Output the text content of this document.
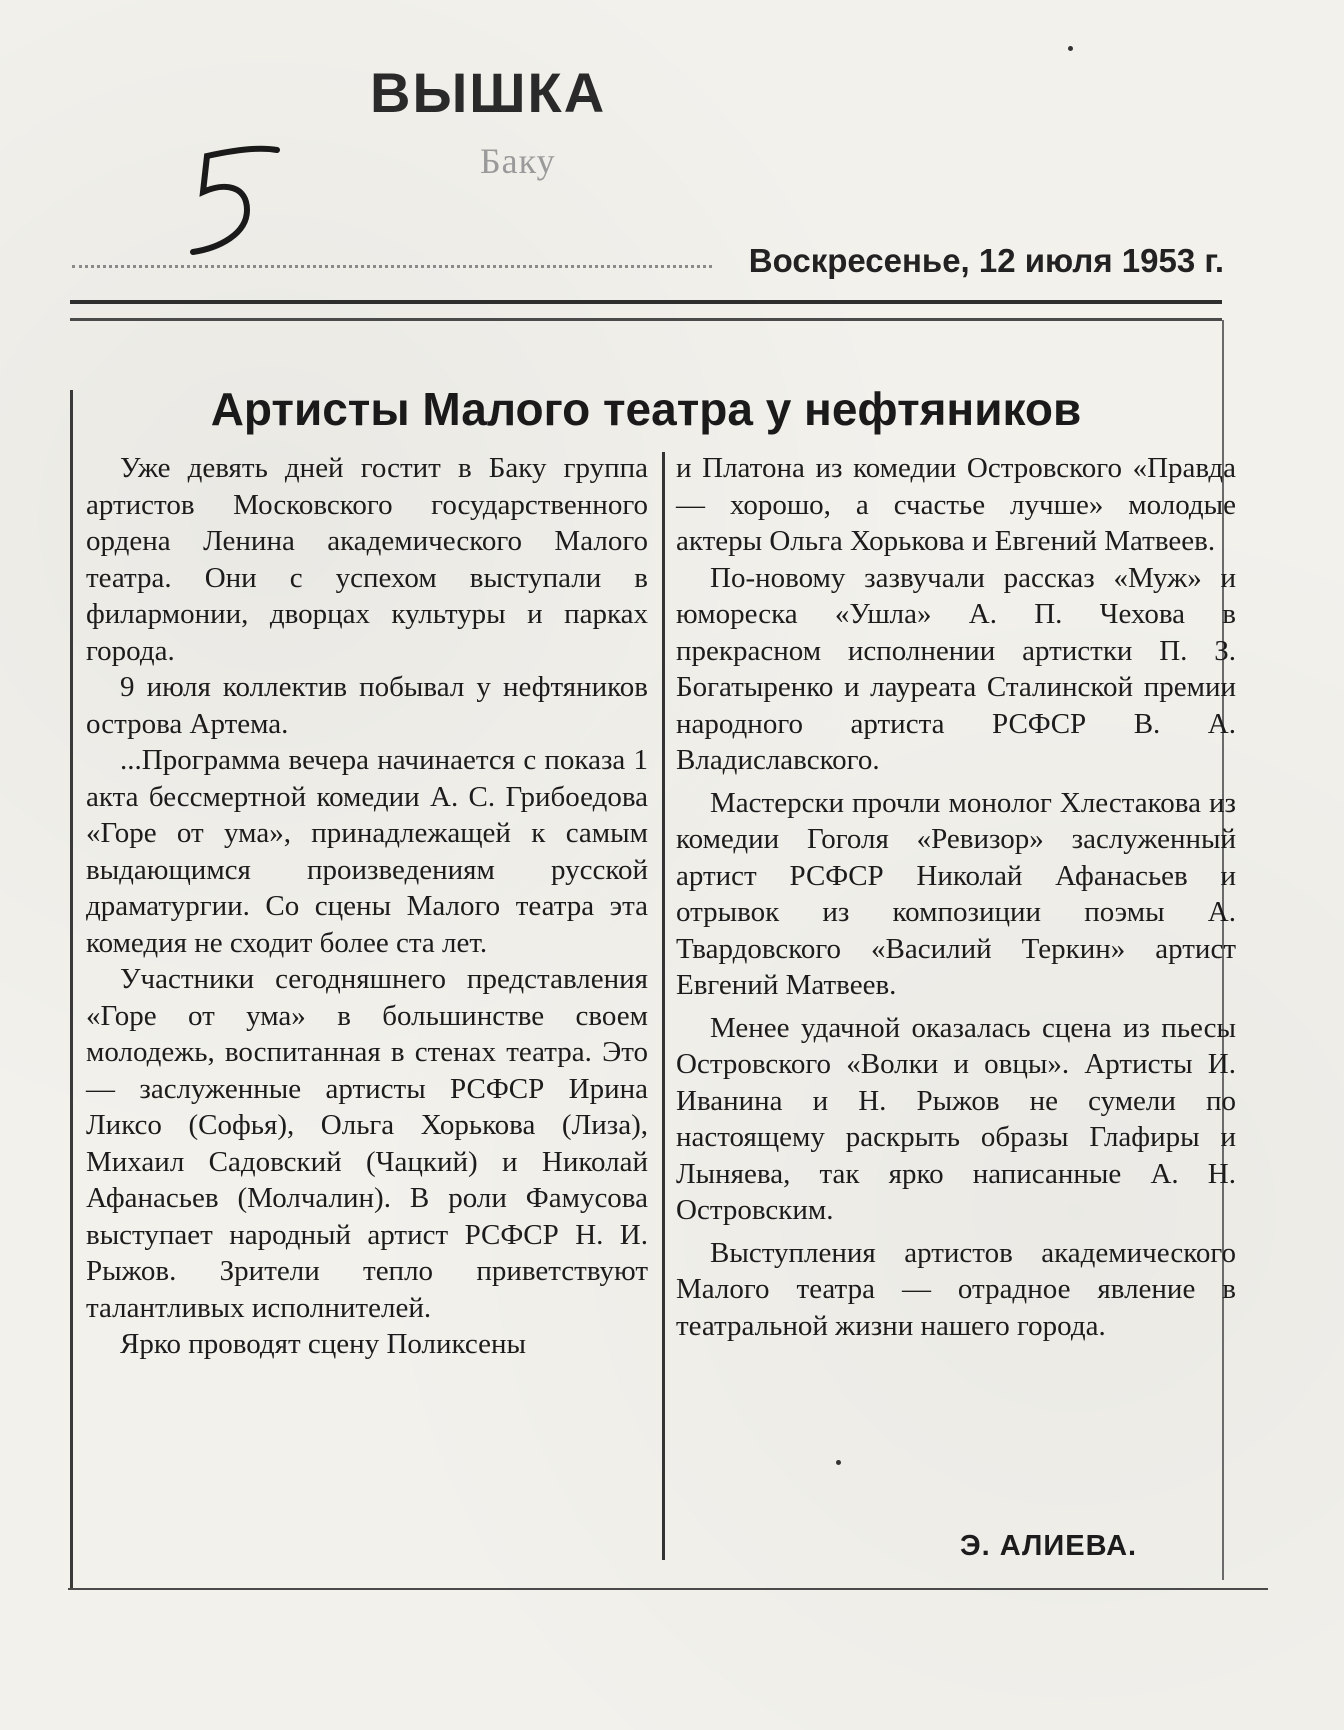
ВЫШКА
Баку
Воскресенье, 12 июля 1953 г.
Артисты Малого театра у нефтяников

Уже девять дней гостит в Баку группа артистов Московского государственного ордена Ленина академического Малого театра. Они с успехом выступали в филармонии, дворцах культуры и парках города.

9 июля коллектив побывал у нефтяников острова Артема.

...Программа вечера начинается с показа 1 акта бессмертной комедии А. С. Грибоедова «Горе от ума», принадлежащей к самым выдающимся произведениям русской драматургии. Со сцены Малого театра эта комедия не сходит более ста лет.

Участники сегодняшнего представления «Горе от ума» в большинстве своем молодежь, воспитанная в стенах театра. Это — заслуженные артисты РСФСР Ирина Ликсо (Софья), Ольга Хорькова (Лиза), Михаил Садовский (Чацкий) и Николай Афанасьев (Молчалин). В роли Фамусова выступает народный артист РСФСР Н. И. Рыжов. Зрители тепло приветствуют талантливых исполнителей.

Ярко проводят сцену Поликсены

и Платона из комедии Островского «Правда — хорошо, а счастье лучше» молодые актеры Ольга Хорькова и Евгений Матвеев.

По-новому зазвучали рассказ «Муж» и юмореска «Ушла» А. П. Чехова в прекрасном исполнении артистки П. З. Богатыренко и лауреата Сталинской премии народного артиста РСФСР В. А. Владиславского.

Мастерски прочли монолог Хлестакова из комедии Гоголя «Ревизор» заслуженный артист РСФСР Николай Афанасьев и отрывок из композиции поэмы А. Твардовского «Василий Теркин» артист Евгений Матвеев.

Менее удачной оказалась сцена из пьесы Островского «Волки и овцы». Артисты И. Иванина и Н. Рыжов не сумели по настоящему раскрыть образы Глафиры и Лыняева, так ярко написанные А. Н. Островским.

Выступления артистов академического Малого театра — отрадное явление в театральной жизни нашего города.

Э. АЛИЕВА.
